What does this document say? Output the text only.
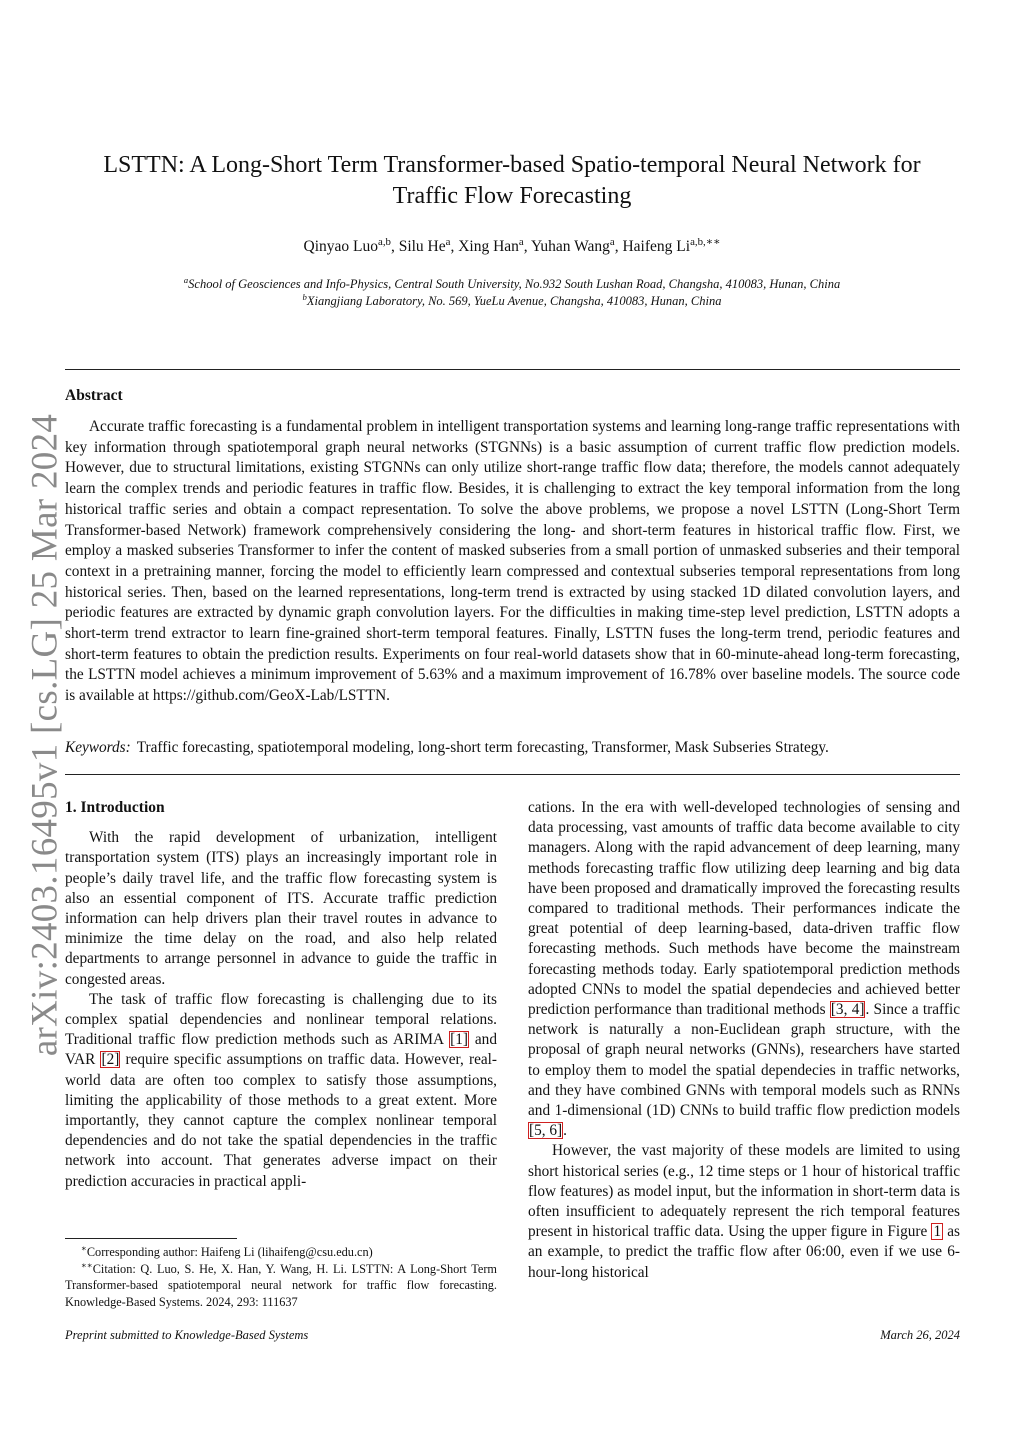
arXiv:2403.16495v1 [cs.LG] 25 Mar 2024
LSTTN: A Long-Short Term Transformer-based Spatio-temporal Neural Network for
Traffic Flow Forecasting
Qinyao Luo$^{a,b}$, Silu He$^a$, Xing Han$^a$, Yuhan Wang$^a$, Haifeng $Li^{a,b,∗∗}$
$^a$School of Geosciences and Info-Physics, Central South University, No.932 South Lushan Road, Changsha, 410083, Hunan, China
$^b$Xiangjiang Laboratory, No. 569, YueLu Avenue, Changsha, 410083, Hunan, China
Abstract

Accurate traffic forecasting is a fundamental problem in intelligent transportation systems and learning long-range traffic representations with key information through spatiotemporal graph neural networks (STGNNs) is a basic assumption of current traffic flow prediction models. However, due to structural limitations, existing STGNNs can only utilize short-range traffic flow data; therefore, the models cannot adequately learn the complex trends and periodic features in traffic flow. Besides, it is challenging to extract the key temporal information from the long historical traffic series and obtain a compact representation. To solve the above problems, we propose a novel LSTTN (Long-Short Term Transformer-based Network) framework comprehensively considering the long- and short-term features in historical traffic flow. First, we employ a masked subseries Transformer to infer the content of masked subseries from a small portion of unmasked subseries and their temporal context in a pretraining manner, forcing the model to efficiently learn compressed and contextual subseries temporal representations from long historical series. Then, based on the learned representations, long-term trend is extracted by using stacked 1D dilated convolution layers, and periodic features are extracted by dynamic graph convolution layers. For the difficulties in making time-step level prediction, LSTTN adopts a short-term trend extractor to learn fine-grained short-term temporal features. Finally, LSTTN fuses the long-term trend, periodic features and short-term features to obtain the prediction results. Experiments on four real-world datasets show that in 60-minute-ahead long-term forecasting, the LSTTN model achieves a minimum improvement of 5.63% and a maximum improvement of 16.78% over baseline models. The source code is available at https://github.com/GeoX-Lab/LSTTN.

Keywords: Traffic forecasting, spatiotemporal modeling, long-short term forecasting, Transformer, Mask Subseries Strategy.
1. Introduction

With the rapid development of urbanization, intelligent transportation system (ITS) plays an increasingly important role in people’s daily travel life, and the traffic flow forecasting system is also an essential component of ITS. Accurate traffic prediction information can help drivers plan their travel routes in advance to minimize the time delay on the road, and also help related departments to arrange personnel in advance to guide the traffic in congested areas.

The task of traffic flow forecasting is challenging due to its complex spatial dependencies and nonlinear temporal relations. Traditional traffic flow prediction methods such as ARIMA [1] and VAR [2] require specific assumptions on traffic data. However, real-world data are often too complex to satisfy those assumptions, limiting the applicability of those methods to a great extent. More importantly, they cannot capture the complex nonlinear temporal dependencies and do not take the spatial dependencies in the traffic network into account. That generates adverse impact on their prediction accuracies in practical appli-

cations. In the era with well-developed technologies of sensing and data processing, vast amounts of traffic data become available to city managers. Along with the rapid advancement of deep learning, many methods forecasting traffic flow utilizing deep learning and big data have been proposed and dramatically improved the forecasting results compared to traditional methods. Their performances indicate the great potential of deep learning-based, data-driven traffic flow forecasting methods. Such methods have become the mainstream forecasting methods today. Early spatiotemporal prediction methods adopted CNNs to model the spatial dependecies and achieved better prediction performance than traditional methods [3, 4]. Since a traffic network is naturally a non-Euclidean graph structure, with the proposal of graph neural networks (GNNs), researchers have started to employ them to model the spatial dependecies in traffic networks, and they have combined GNNs with temporal models such as RNNs and 1-dimensional (1D) CNNs to build traffic flow prediction models [5, 6].

However, the vast majority of these models are limited to using short historical series (e.g., 12 time steps or 1 hour of historical traffic flow features) as model input, but the information in short-term data is often insufficient to adequately represent the rich temporal features present in historical traffic data. Using the upper figure in Figure 1 as an example, to predict the traffic flow after 06:00, even if we use 6-hour-long historical

∗Corresponding author: Haifeng Li (lihaifeng@csu.edu.cn)

∗∗Citation: Q. Luo, S. He, X. Han, Y. Wang, H. Li. LSTTN: A Long-Short Term Transformer-based spatiotemporal neural network for traffic flow forecasting. Knowledge-Based Systems. 2024, 293: 111637

Preprint submitted to Knowledge-Based Systems	March 26, 2024
